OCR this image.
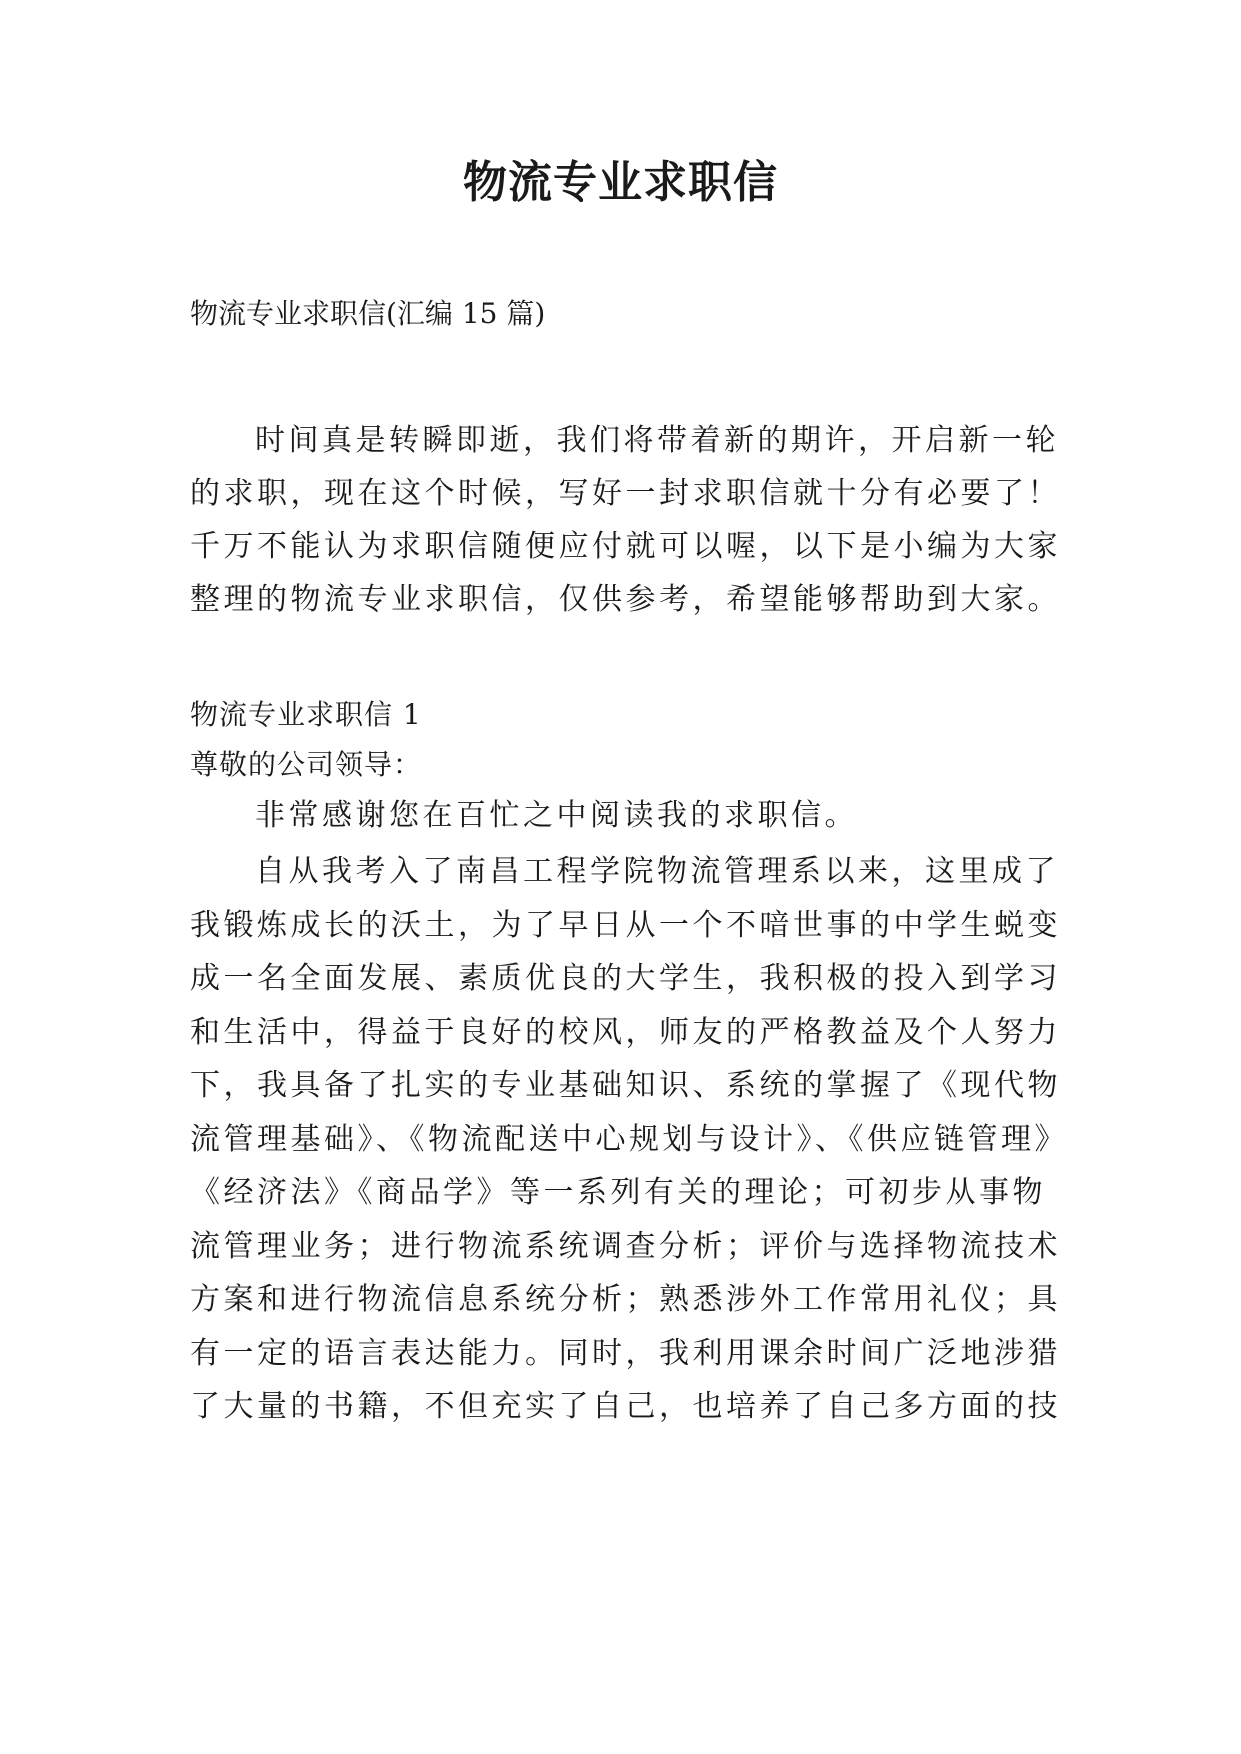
物流专业求职信
物流专业求职信(汇编 15 篇)
时间真是转瞬即逝，我们将带着新的期许，开启新一轮
的求职，现在这个时候，写好一封求职信就十分有必要了！
千万不能认为求职信随便应付就可以喔，以下是小编为大家
整理的物流专业求职信，仅供参考，希望能够帮助到大家。
物流专业求职信 1
尊敬的公司领导：
非常感谢您在百忙之中阅读我的求职信。
自从我考入了南昌工程学院物流管理系以来，这里成了
我锻炼成长的沃土，为了早日从一个不喑世事的中学生蜕变
成一名全面发展、素质优良的大学生，我积极的投入到学习
和生活中，得益于良好的校风，师友的严格教益及个人努力
下，我具备了扎实的专业基础知识、系统的掌握了《现代物
流管理基础》、《物流配送中心规划与设计》、《供应链管理》
《经济法》《商品学》等一系列有关的理论；可初步从事物
流管理业务；进行物流系统调查分析；评价与选择物流技术
方案和进行物流信息系统分析；熟悉涉外工作常用礼仪；具
有一定的语言表达能力。同时，我利用课余时间广泛地涉猎
了大量的书籍，不但充实了自己，也培养了自己多方面的技
